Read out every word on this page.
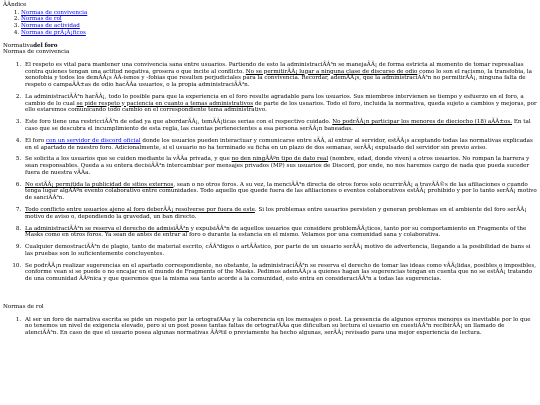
ÃÂndice
1. Normas de convivencia
2. Normas de rol
3. Normas de actividad
4. Normas de prÃ¡Â¡ficos
Normativadel foro
Normas de convivencia
1. El respeto es vital para mantener una convivencia sana entre usuarios. Partiendo de esto la administraciÃÂ³n se manejaÃÂ¡ de forma estricta al momento de tomar represalias contra quienes tengan una actitud negativa, grosera o que incite al conflicto. No se permitirÃÂ¡ lugar a ninguna clase de discurso de odio como lo son el racismo, la transfobia, la xenofobia y todos los demÃÂ¡s ÃÂ-ismos y -fobias que resulten perjudiciales para la convivencia. Recordar, ademÃÂ¡s, que la administraciÃÂ³n no permitirÃÂ¡, ninguna falta de respeto o campaÃÂ±as de odio hacÃÂa usuarios, o la propia administraciÃÂ³n.
2. La administraciÃÂ³n harÃÂ¡, todo lo posible para que la experiencia en el foro resulte agradable para los usuarios. Sus miembros intervienen se tiempo y esfuerzo en el foro, a cambio de lo cual se pide respeto y paciencia en cuanto a temas administrativos de parte de los usuarios. Todo el foro, incluida la normativa, queda sujeto a cambios y mejoras, por ello estaremos comunicando todo cambio en el correspondiente tema administrativo.
3. Este foro tiene una restricciÃÂ³n de edad ya que abordarÃÂ¡, temÃÂ¡ticas serias con el respectivo cuidado. No podrÃÂ¡n participar los menores de dieciocho (18) aÃÂ±os. En tal caso que se descubra el incumplimiento de esta regla, las cuentas pertenecientes a esa persona serÃÂ¡n baneadas.
4. El foro con un servidor de discord oficial donde los usuarios pueden interactuar y comunicarse entre sÃÂ, al entrar al servidor, estÃÂ¡s aceptando todas las normativas explicadas en el apartado de nuestro foro. Adicionalmente, si el usuario no ha terminado su ficha en un plazo de dos semanas, serÃÂ¡ expulsado del servidor sin previo aviso.
5. Se solicita a los usuarios que se cuiden mediante la vÃÂa privada, y que no den ningÃÂºn tipo de dato real (nombre, edad, donde viven) a otros usuarios. No rompan la barrera y sean responsables. Queda a su entera decisiÃÂ³n intercambiar por mensajes privados (MP) sus usuarios de Discord, por ende, no nos haremos cargo de nada que pueda suceder fuera de nuestra vÃÂa.
6. No estÃÂ¡ permitida la publicidad de sitios externos, sean o no otros foros. A su vez, la menciÃÂ³n directa de otros foros solo ocurrirÃÂ¡ a travÃÂ©s de las afiliaciones o cuando tenga lugar algÃÂºn evento colaborativo entre comunidades. Todo aquello que quede fuera de las afiliaciones o eventos colaborativos estÃÂ¡ prohibido y por lo tanto serÃÂ¡ motivo de sanciÃÂ³n.
7. Todo conflicto entre usuarios ajeno al foro deberÃÂ¡ resolverse por fuera de este. Si los problemas entre usuarios persisten y generan problemas en el ambiente del foro serÃÂ¡ motivo de aviso o, dependiendo la gravedad, un ban directo.
8. La administraciÃÂ³n se reserva el derecho de admisiÃÂ³n y expulsiÃÂ³n de aquellos usuarios que considere problemÃÂ¡ticos, tanto por su comportamiento en Fragments of the Masks como en otros foros. Ya sean de antes de entrar al foro o durante la estancia en el mismo. Velamos por una comunidad sana y colaborativa.
9. Cualquier demostraciÃÂ³n de plagio, tanto de material escrito, cÃÂ³digos o artÃÂstico, por parte de un usuario serÃÂ¡ motivo de advertencia, llegando a la posibilidad de bans si las pruebas son lo suficientemente concluyentes.
10. Se podrÃÂ¡n realizar sugerencias en el apartado correspondiente, no obstante, la administraciÃÂ³n se reserva el derecho de tomar las ideas como vÃÂ¡lidas, posibles o imposibles, conforme vean si se puede o no encajar en el mundo de Fragments of the Masks. Pedimos ademÃÂ¡s a quienes hagan las sugerencias tengan en cuenta que no se estÃÂ¡ tratando de una comunidad ÃÂºnica y que queremos que la misma sea tanto acorde a la comunidad, esto entra en consideraciÃÂ³n a todas las sugerencias.
Normas de rol
1. Al ser un foro de narrativa escrita se pide un respeto por la ortografÃÂa y la coherencia en los mensajes o post. La presencia de algunos errores menores es inevitable por lo que no tenemos un nivel de exigencia elevado, pero si un post posee tantas faltas de ortografÃÂa que dificultan su lectura el usuario en cuestiÃÂ³n recibirÃÂ¡ un llamado de atenciÃÂ³n. En caso de que el usuario posea algunas normativas ÃÂºtil o previamente ha hecho algunas, serÃÂ¡ revisado para una mejor experiencia de lectura.
